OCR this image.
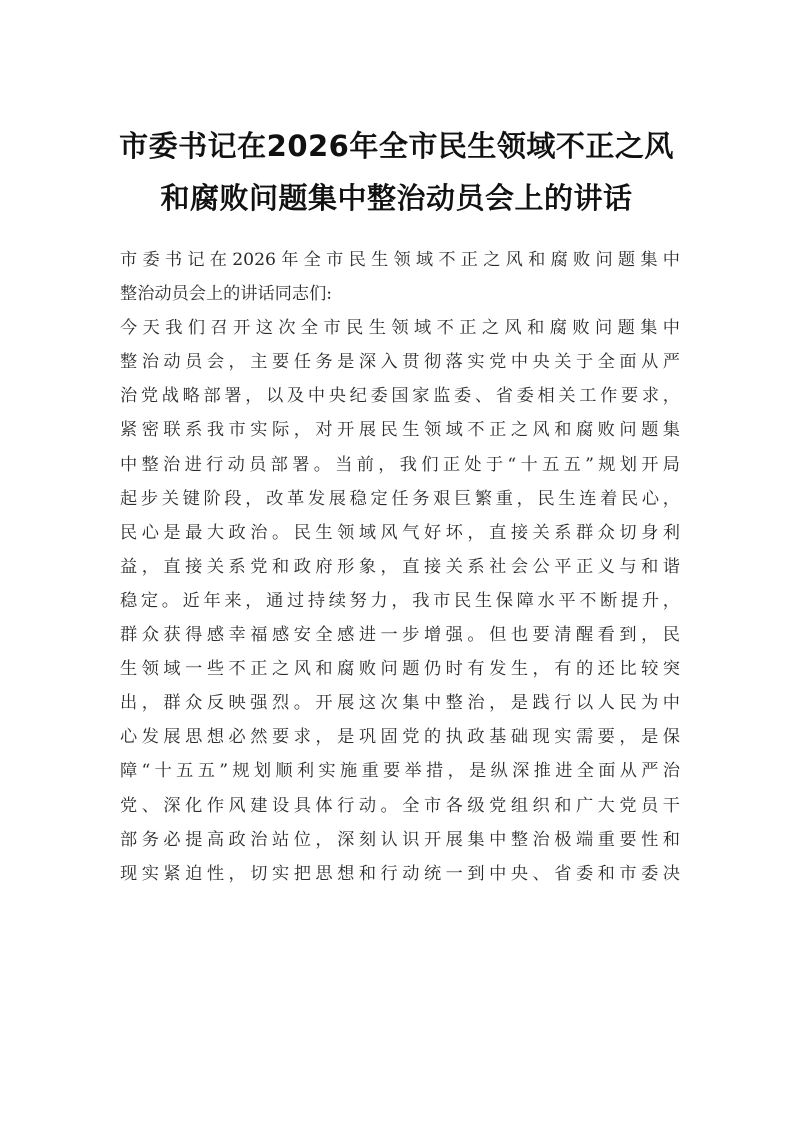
市委书记在2026年全市民生领域不正之风
和腐败问题集中整治动员会上的讲话
市委书记在2026年全市民生领域不正之风和腐败问题集中
整治动员会上的讲话同志们:
今天我们召开这次全市民生领域不正之风和腐败问题集中
整治动员会，主要任务是深入贯彻落实党中央关于全面从严
治党战略部署，以及中央纪委国家监委、省委相关工作要求，
紧密联系我市实际，对开展民生领域不正之风和腐败问题集
中整治进行动员部署。当前，我们正处于“十五五”规划开局
起步关键阶段，改革发展稳定任务艰巨繁重，民生连着民心，
民心是最大政治。民生领域风气好坏，直接关系群众切身利
益，直接关系党和政府形象，直接关系社会公平正义与和谐
稳定。近年来，通过持续努力，我市民生保障水平不断提升，
群众获得感幸福感安全感进一步增强。但也要清醒看到，民
生领域一些不正之风和腐败问题仍时有发生，有的还比较突
出，群众反映强烈。开展这次集中整治，是践行以人民为中
心发展思想必然要求，是巩固党的执政基础现实需要，是保
障“十五五”规划顺利实施重要举措，是纵深推进全面从严治
党、深化作风建设具体行动。全市各级党组织和广大党员干
部务必提高政治站位，深刻认识开展集中整治极端重要性和
现实紧迫性，切实把思想和行动统一到中央、省委和市委决
